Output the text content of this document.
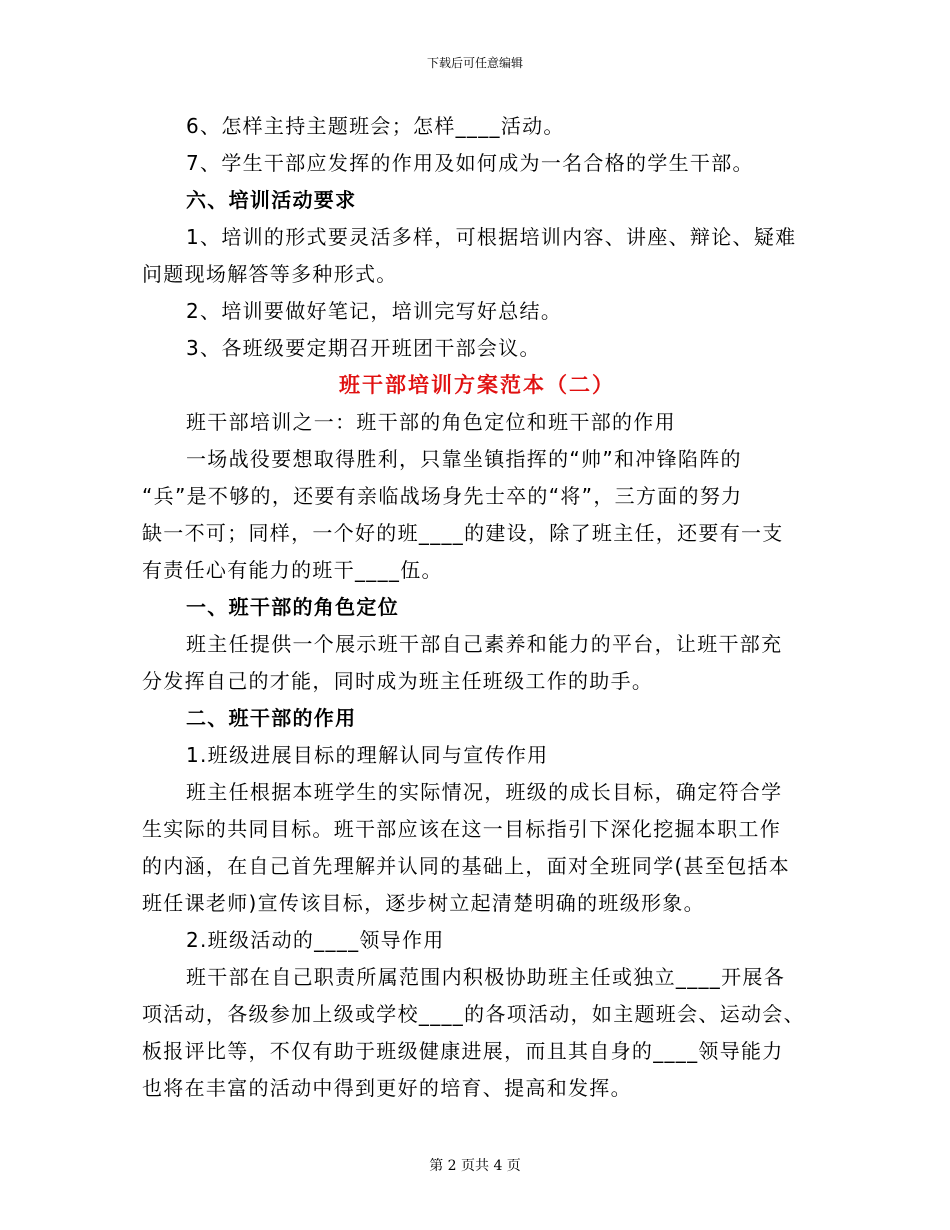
下载后可任意编辑
6、怎样主持主题班会；怎样____活动。
7、学生干部应发挥的作用及如何成为一名合格的学生干部。
六、培训活动要求
1、培训的形式要灵活多样，可根据培训内容、讲座、辩论、疑难
问题现场解答等多种形式。
2、培训要做好笔记，培训完写好总结。
3、各班级要定期召开班团干部会议。
班干部培训方案范本（二）
班干部培训之一：班干部的角色定位和班干部的作用
一场战役要想取得胜利，只靠坐镇指挥的“帅”和冲锋陷阵的
“兵”是不够的，还要有亲临战场身先士卒的“将”，三方面的努力
缺一不可；同样，一个好的班____的建设，除了班主任，还要有一支
有责任心有能力的班干____伍。
一、班干部的角色定位
班主任提供一个展示班干部自己素养和能力的平台，让班干部充
分发挥自己的才能，同时成为班主任班级工作的助手。
二、班干部的作用
1.班级进展目标的理解认同与宣传作用
班主任根据本班学生的实际情况，班级的成长目标，确定符合学
生实际的共同目标。班干部应该在这一目标指引下深化挖掘本职工作
的内涵，在自己首先理解并认同的基础上，面对全班同学(甚至包括本
班任课老师)宣传该目标，逐步树立起清楚明确的班级形象。
2.班级活动的____领导作用
班干部在自己职责所属范围内积极协助班主任或独立____开展各
项活动，各级参加上级或学校____的各项活动，如主题班会、运动会、
板报评比等，不仅有助于班级健康进展，而且其自身的____领导能力
也将在丰富的活动中得到更好的培育、提高和发挥。
第 2 页共 4 页
